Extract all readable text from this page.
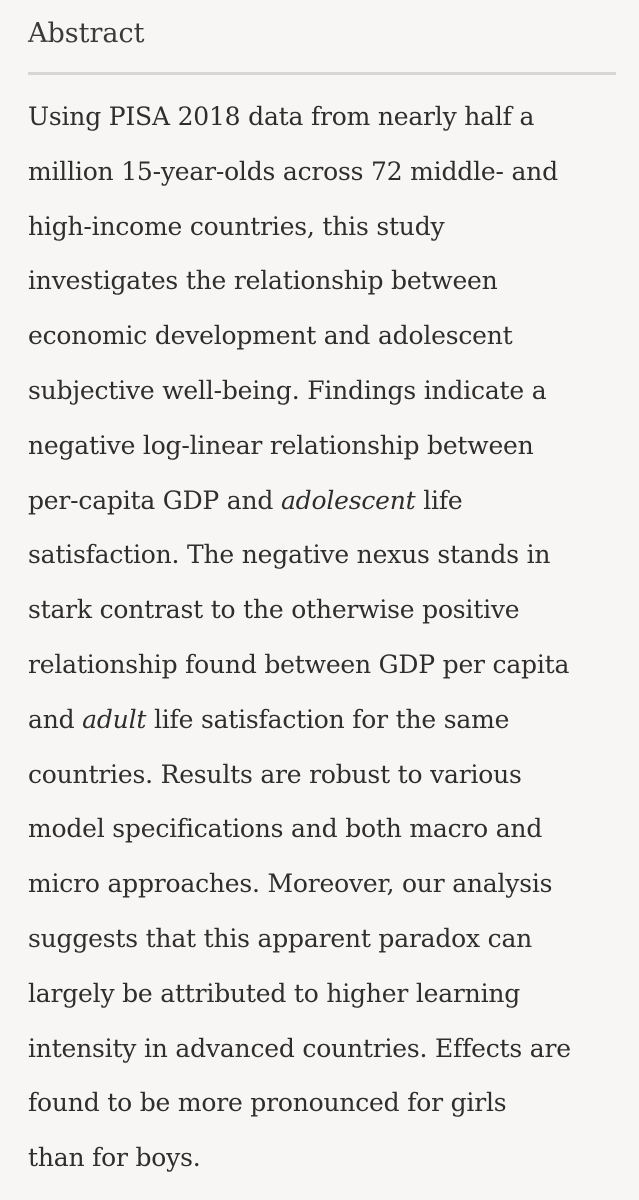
Abstract

Using PISA 2018 data from nearly half a
million 15-year-olds across 72 middle- and
high-income countries, this study
investigates the relationship between
economic development and adolescent
subjective well-being. Findings indicate a
negative log-linear relationship between
per-capita GDP and adolescent life
satisfaction. The negative nexus stands in
stark contrast to the otherwise positive
relationship found between GDP per capita
and adult life satisfaction for the same
countries. Results are robust to various
model specifications and both macro and
micro approaches. Moreover, our analysis
suggests that this apparent paradox can
largely be attributed to higher learning
intensity in advanced countries. Effects are
found to be more pronounced for girls
than for boys.
